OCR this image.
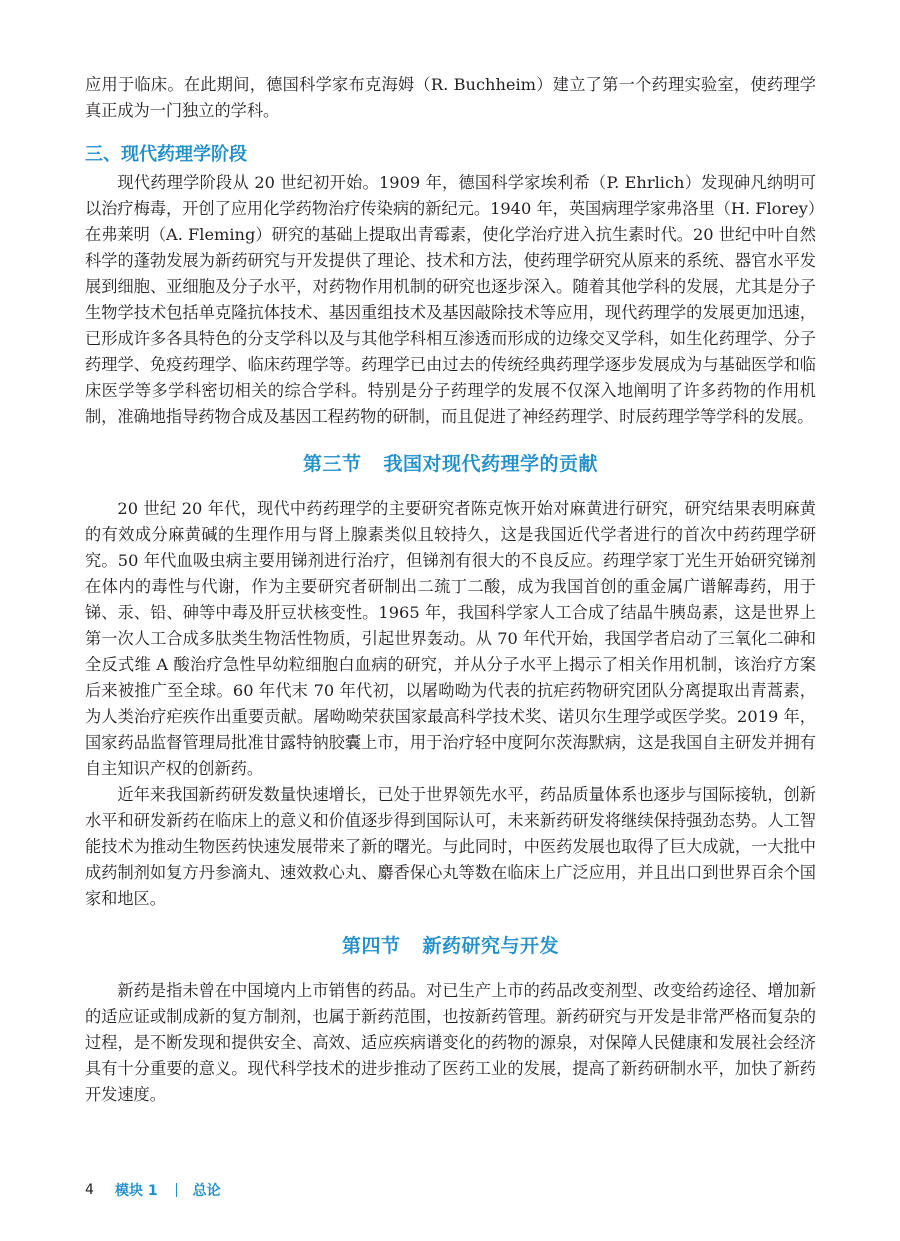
应用于临床。在此期间，德国科学家布克海姆（R. Buchheim）建立了第一个药理实验室，使药理学真正成为一门独立的学科。

三、现代药理学阶段

现代药理学阶段从 20 世纪初开始。1909 年，德国科学家埃利希（P. Ehrlich）发现砷凡纳明可以治疗梅毒，开创了应用化学药物治疗传染病的新纪元。1940 年，英国病理学家弗洛里（H. Florey）在弗莱明（A. Fleming）研究的基础上提取出青霉素，使化学治疗进入抗生素时代。20 世纪中叶自然科学的蓬勃发展为新药研究与开发提供了理论、技术和方法，使药理学研究从原来的系统、器官水平发展到细胞、亚细胞及分子水平，对药物作用机制的研究也逐步深入。随着其他学科的发展，尤其是分子生物学技术包括单克隆抗体技术、基因重组技术及基因敲除技术等应用，现代药理学的发展更加迅速，已形成许多各具特色的分支学科以及与其他学科相互渗透而形成的边缘交叉学科，如生化药理学、分子药理学、免疫药理学、临床药理学等。药理学已由过去的传统经典药理学逐步发展成为与基础医学和临床医学等多学科密切相关的综合学科。特别是分子药理学的发展不仅深入地阐明了许多药物的作用机制，准确地指导药物合成及基因工程药物的研制，而且促进了神经药理学、时辰药理学等学科的发展。

第三节 我国对现代药理学的贡献

20 世纪 20 年代，现代中药药理学的主要研究者陈克恢开始对麻黄进行研究，研究结果表明麻黄的有效成分麻黄碱的生理作用与肾上腺素类似且较持久，这是我国近代学者进行的首次中药药理学研究。50 年代血吸虫病主要用锑剂进行治疗，但锑剂有很大的不良反应。药理学家丁光生开始研究锑剂在体内的毒性与代谢，作为主要研究者研制出二巯丁二酸，成为我国首创的重金属广谱解毒药，用于锑、汞、铅、砷等中毒及肝豆状核变性。1965 年，我国科学家人工合成了结晶牛胰岛素，这是世界上第一次人工合成多肽类生物活性物质，引起世界轰动。从 70 年代开始，我国学者启动了三氧化二砷和全反式维 A 酸治疗急性早幼粒细胞白血病的研究，并从分子水平上揭示了相关作用机制，该治疗方案后来被推广至全球。60 年代末 70 年代初，以屠呦呦为代表的抗疟药物研究团队分离提取出青蒿素，为人类治疗疟疾作出重要贡献。屠呦呦荣获国家最高科学技术奖、诺贝尔生理学或医学奖。2019 年，国家药品监督管理局批准甘露特钠胶囊上市，用于治疗轻中度阿尔茨海默病，这是我国自主研发并拥有自主知识产权的创新药。

近年来我国新药研发数量快速增长，已处于世界领先水平，药品质量体系也逐步与国际接轨，创新水平和研发新药在临床上的意义和价值逐步得到国际认可，未来新药研发将继续保持强劲态势。人工智能技术为推动生物医药快速发展带来了新的曙光。与此同时，中医药发展也取得了巨大成就，一大批中成药制剂如复方丹参滴丸、速效救心丸、麝香保心丸等数在临床上广泛应用，并且出口到世界百余个国家和地区。

第四节 新药研究与开发

新药是指未曾在中国境内上市销售的药品。对已生产上市的药品改变剂型、改变给药途径、增加新的适应证或制成新的复方制剂，也属于新药范围，也按新药管理。新药研究与开发是非常严格而复杂的过程，是不断发现和提供安全、高效、适应疾病谱变化的药物的源泉，对保障人民健康和发展社会经济具有十分重要的意义。现代科学技术的进步推动了医药工业的发展，提高了新药研制水平，加快了新药开发速度。

4	模块 1	总论
